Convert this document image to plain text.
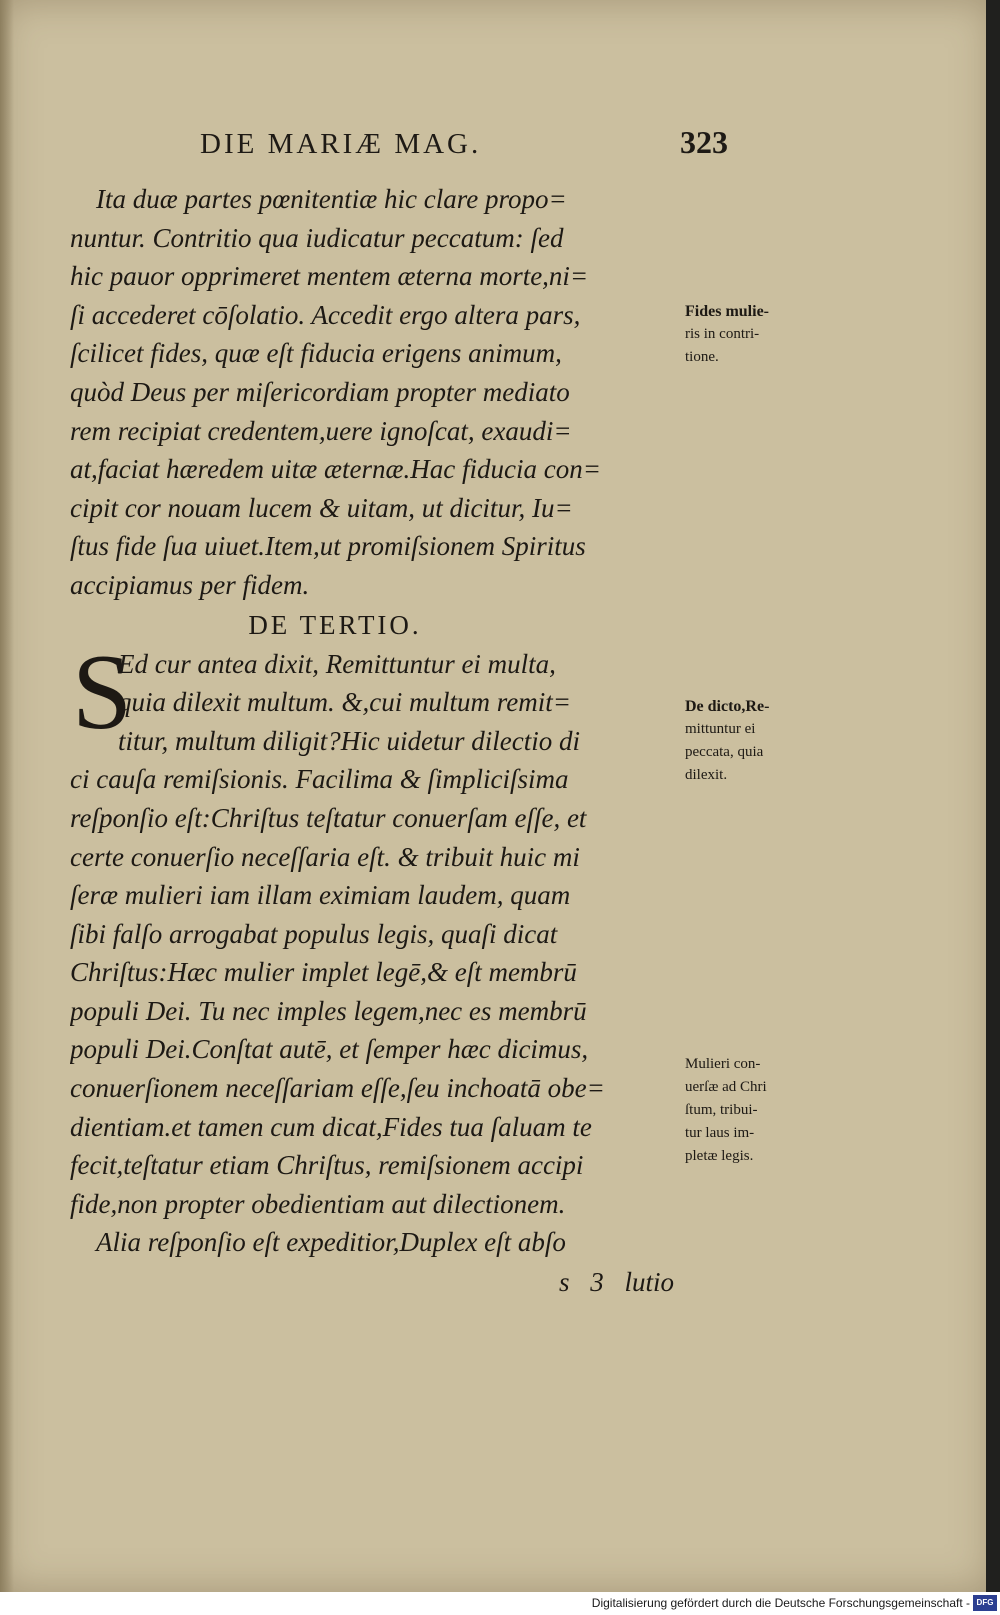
DIE MARIÆ MAG.	323
Ita duæ partes pœnitentiæ hic clare propo=
nuntur. Contritio qua iudicatur peccatum: ſed
hic pauor opprimeret mentem æterna morte,ni=
ſi accederet cōſolatio. Accedit ergo altera pars,
ſcilicet fides, quæ eſt fiducia erigens animum,
quòd Deus per miſericordiam propter mediato
rem recipiat credentem,uere ignoſcat, exaudi=
at,faciat hæredem uitæ æternæ.Hac fiducia con=
cipit cor nouam lucem & uitam, ut dicitur, Iu=
ſtus fide ſua uiuet.Item,ut promiſsionem Spiritus
accipiamus per fidem.
DE TERTIO.
S
Ed cur antea dixit, Remittuntur ei multa,
quia dilexit multum. &,cui multum remit=
titur, multum diligit?Hic uidetur dilectio di
ci cauſa remiſsionis. Facilima & ſimpliciſsima
reſponſio eſt:Chriſtus teſtatur conuerſam eſſe, et
certe conuerſio neceſſaria eſt. & tribuit huic mi
ſeræ mulieri iam illam eximiam laudem, quam
ſibi falſo arrogabat populus legis, quaſi dicat
Chriſtus:Hæc mulier implet legē,& eſt membrū
populi Dei. Tu nec imples legem,nec es membrū
populi Dei.Conſtat autē, et ſemper hæc dicimus,
conuerſionem neceſſariam eſſe,ſeu inchoatā obe=
dientiam.et tamen cum dicat,Fides tua ſaluam te
fecit,teſtatur etiam Chriſtus, remiſsionem accipi
fide,non propter obedientiam aut dilectionem.
Alia reſponſio eſt expeditior,Duplex eſt abſo
s 3 lutio
Fides mulie-
ris in contri-
tione.
De dicto,Re-
mittuntur ei
peccata, quia
dilexit.
Mulieri con-
uerſæ ad Chri
ſtum, tribui-
tur laus im-
pletæ legis.
Digitalisierung gefördert durch die Deutsche Forschungsgemeinschaft - DFG
